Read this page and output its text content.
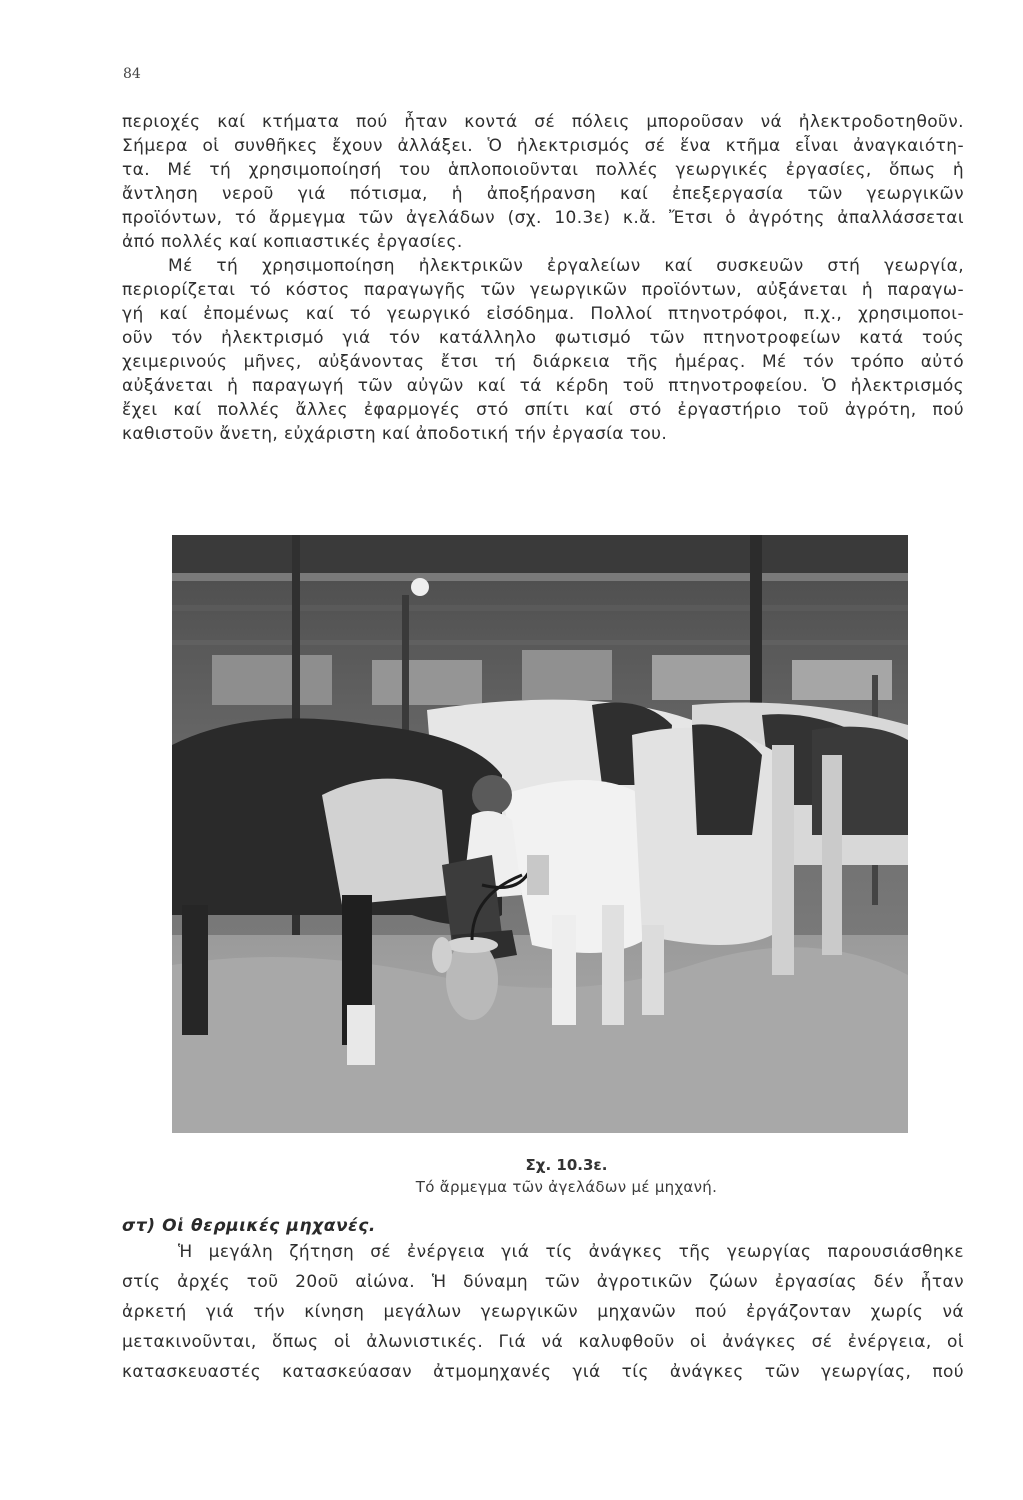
84
περιοχές καί κτήματα πού ἦταν κοντά σέ πόλεις μποροῦσαν νά ἠλεκτροδοτηθοῦν.
Σήμερα οἱ συνθῆκες ἔχουν ἀλλάξει. Ὁ ἠλεκτρισμός σέ ἕνα κτῆμα εἶναι ἀναγκαιότη-
τα. Μέ τή χρησιμοποίησή του ἁπλοποιοῦνται πολλές γεωργικές ἐργασίες, ὅπως ἡ
ἄντληση νεροῦ γιά πότισμα, ἡ ἀποξήρανση καί ἐπεξεργασία τῶν γεωργικῶν
προϊόντων, τό ἄρμεγμα τῶν ἀγελάδων (σχ. 10.3ε) κ.ἄ. Ἔτσι ὁ ἀγρότης ἀπαλλάσσεται
ἀπό πολλές καί κοπιαστικές ἐργασίες.
Μέ τή χρησιμοποίηση ἠλεκτρικῶν ἐργαλείων καί συσκευῶν στή γεωργία,
περιορίζεται τό κόστος παραγωγῆς τῶν γεωργικῶν προϊόντων, αὐξάνεται ἡ παραγω-
γή καί ἐπομένως καί τό γεωργικό εἰσόδημα. Πολλοί πτηνοτρόφοι, π.χ., χρησιμοποι-
οῦν τόν ἠλεκτρισμό γιά τόν κατάλληλο φωτισμό τῶν πτηνοτροφείων κατά τούς
χειμερινούς μῆνες, αὐξάνοντας ἔτσι τή διάρκεια τῆς ἡμέρας. Μέ τόν τρόπο αὐτό
αὐξάνεται ἡ παραγωγή τῶν αὐγῶν καί τά κέρδη τοῦ πτηνοτροφείου. Ὁ ἠλεκτρισμός
ἔχει καί πολλές ἄλλες ἐφαρμογές στό σπίτι καί στό ἐργαστήριο τοῦ ἀγρότη, πού
καθιστοῦν ἄνετη, εὐχάριστη καί ἀποδοτική τήν ἐργασία του.
Σχ. 10.3ε.
Τό ἄρμεγμα τῶν ἀγελάδων μέ μηχανή.
στ) Οἱ θερμικές μηχανές.
Ἡ μεγάλη ζήτηση σέ ἐνέργεια γιά τίς ἀνάγκες τῆς γεωργίας παρουσιάσθηκε
στίς ἀρχές τοῦ 20οῦ αἰώνα. Ἡ δύναμη τῶν ἀγροτικῶν ζώων ἐργασίας δέν ἦταν
ἀρκετή γιά τήν κίνηση μεγάλων γεωργικῶν μηχανῶν πού ἐργάζονταν χωρίς νά
μετακινοῦνται, ὅπως οἱ ἀλωνιστικές. Γιά νά καλυφθοῦν οἱ ἀνάγκες σέ ἐνέργεια, οἱ
κατασκευαστές κατασκεύασαν ἀτμομηχανές γιά τίς ἀνάγκες τῶν γεωργίας, πού
